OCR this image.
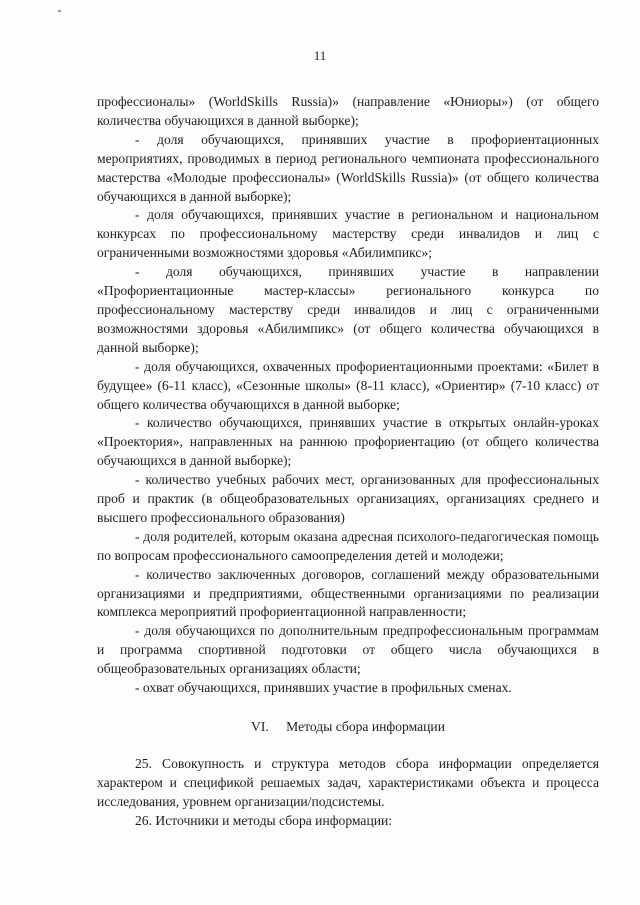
11

профессионалы» (WorldSkills Russia)» (направление «Юниоры») (от общего количества обучающихся в данной выборке);

- доля обучающихся, принявших участие в профориентационных мероприятиях, проводимых в период регионального чемпионата профессионального мастерства «Молодые профессионалы» (WorldSkills Russia)» (от общего количества обучающихся в данной выборке);

- доля обучающихся, принявших участие в региональном и национальном конкурсах по профессиональному мастерству среди инвалидов и лиц с ограниченными возможностями здоровья «Абилимпикс»;

- доля обучающихся, принявших участие в направлении «Профориентационные мастер-классы» регионального конкурса по профессиональному мастерству среди инвалидов и лиц с ограниченными возможностями здоровья «Абилимпикс» (от общего количества обучающихся в данной выборке);

- доля обучающихся, охваченных профориентационными проектами: «Билет в будущее» (6-11 класс), «Сезонные школы» (8-11 класс), «Ориентир» (7-10 класс) от общего количества обучающихся в данной выборке;

- количество обучающихся, принявших участие в открытых онлайн-уроках «Проектория», направленных на раннюю профориентацию (от общего количества обучающихся в данной выборке);

- количество учебных рабочих мест, организованных для профессиональных проб и практик (в общеобразовательных организациях, организациях среднего и высшего профессионального образования)

- доля родителей, которым оказана адресная психолого-педагогическая помощь по вопросам профессионального самоопределения детей и молодежи;

- количество заключенных договоров, соглашений между образовательными организациями и предприятиями, общественными организациями по реализации комплекса мероприятий профориентационной направленности;

- доля обучающихся по дополнительным предпрофессиональным программам и программа спортивной подготовки от общего числа обучающихся в общеобразовательных организациях области;

- охват обучающихся, принявших участие в профильных сменах.

VI. Методы сбора информации

25. Совокупность и структура методов сбора информации определяется характером и спецификой решаемых задач, характеристиками объекта и процесса исследования, уровнем организации/подсистемы.

26. Источники и методы сбора информации:
